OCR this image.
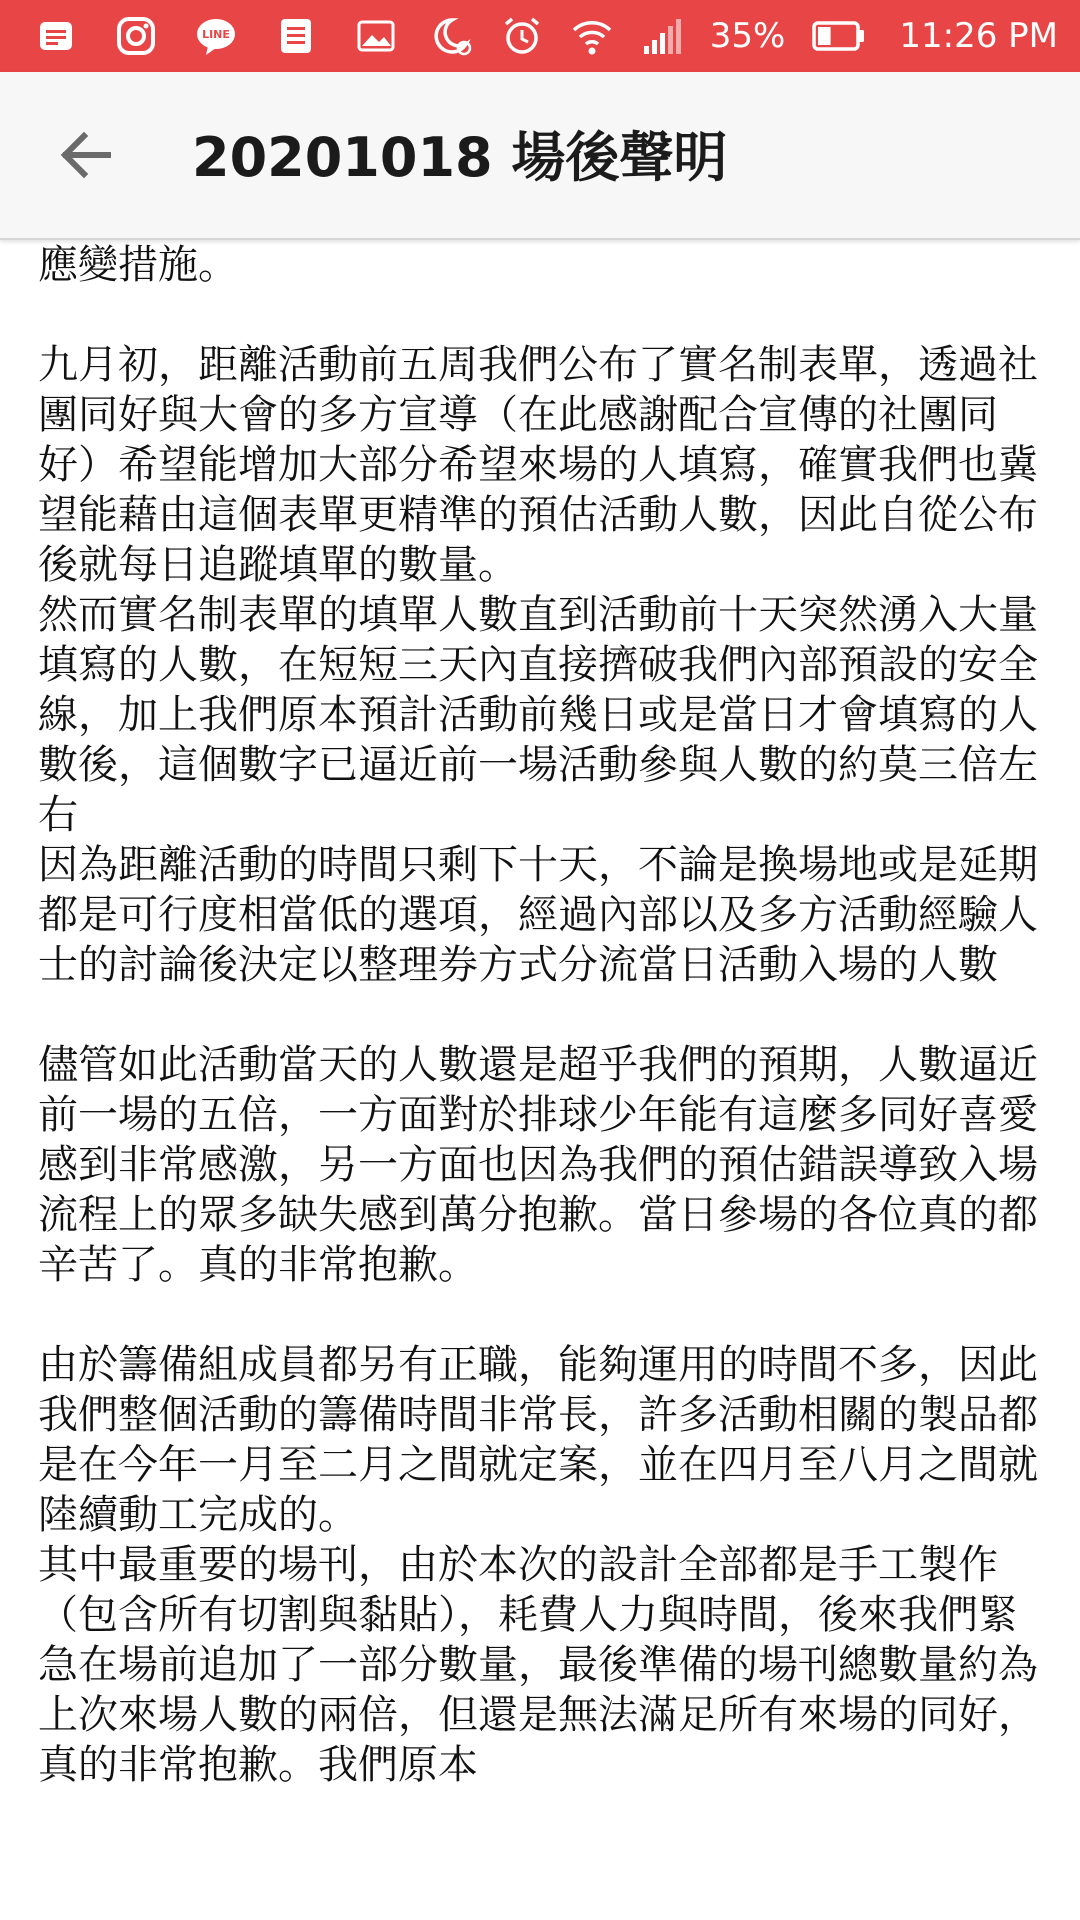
LINE	35%	11:26 PM
20201018 場後聲明

應變措施。

九月初，距離活動前五周我們公布了實名制表單，透過社團同好與大會的多方宣導（在此感謝配合宣傳的社團同好）希望能增加大部分希望來場的人填寫，確實我們也冀望能藉由這個表單更精準的預估活動人數，因此自從公布後就每日追蹤填單的數量。

然而實名制表單的填單人數直到活動前十天突然湧入大量填寫的人數，在短短三天內直接擠破我們內部預設的安全線，加上我們原本預計活動前幾日或是當日才會填寫的人數後，這個數字已逼近前一場活動參與人數的約莫三倍左右

因為距離活動的時間只剩下十天，不論是換場地或是延期都是可行度相當低的選項，經過內部以及多方活動經驗人士的討論後決定以整理券方式分流當日活動入場的人數

儘管如此活動當天的人數還是超乎我們的預期，人數逼近前一場的五倍，一方面對於排球少年能有這麼多同好喜愛感到非常感激，另一方面也因為我們的預估錯誤導致入場流程上的眾多缺失感到萬分抱歉。當日參場的各位真的都辛苦了。真的非常抱歉。

由於籌備組成員都另有正職，能夠運用的時間不多，因此我們整個活動的籌備時間非常長，許多活動相關的製品都是在今年一月至二月之間就定案，並在四月至八月之間就陸續動工完成的。

其中最重要的場刊，由於本次的設計全部都是手工製作（包含所有切割與黏貼），耗費人力與時間，後來我們緊急在場前追加了一部分數量，最後準備的場刊總數量約為上次來場人數的兩倍，但還是無法滿足所有來場的同好，真的非常抱歉。我們原本
